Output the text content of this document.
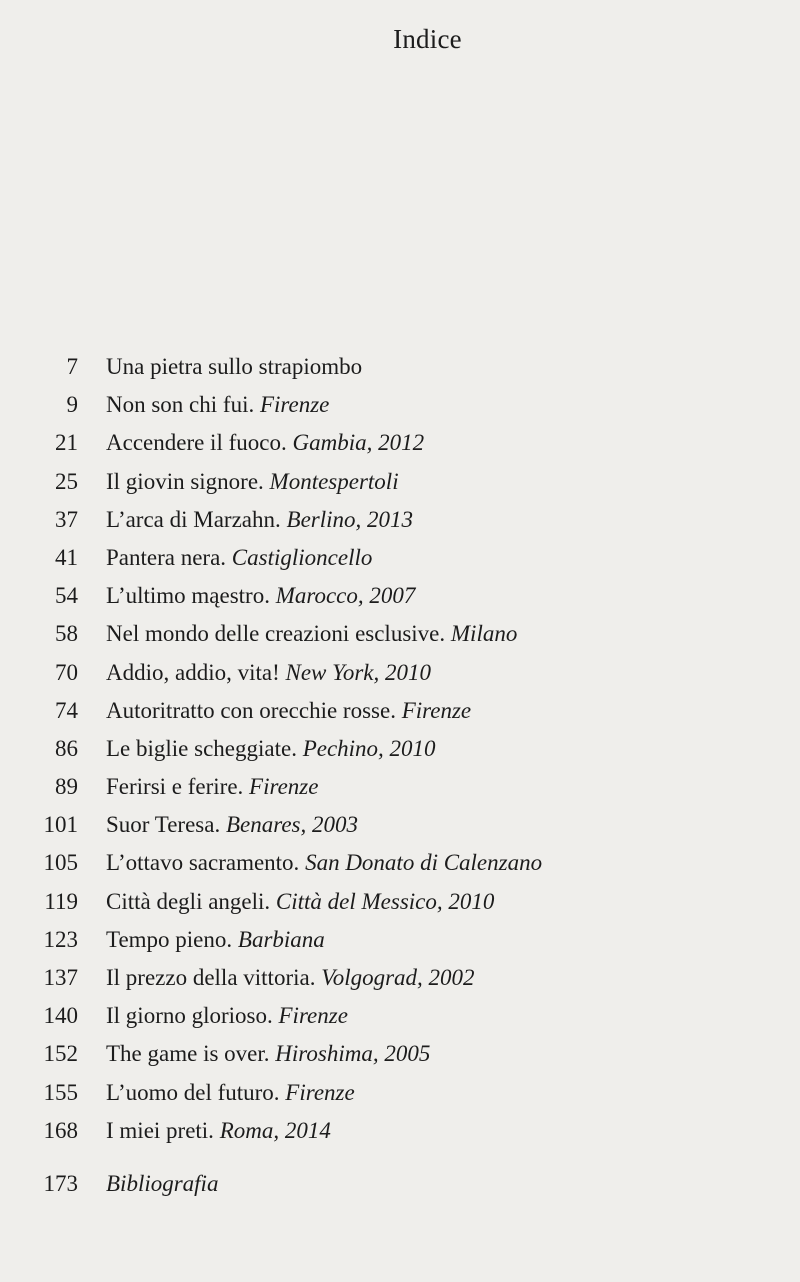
Indice
7 Una pietra sullo strapiombo
9 Non son chi fui. Firenze
21 Accendere il fuoco. Gambia, 2012
25 Il giovin signore. Montespertoli
37 L’arca di Marzahn. Berlino, 2013
41 Pantera nera. Castiglioncello
54 L’ultimo mąestro. Marocco, 2007
58 Nel mondo delle creazioni esclusive. Milano
70 Addio, addio, vita! New York, 2010
74 Autoritratto con orecchie rosse. Firenze
86 Le biglie scheggiate. Pechino, 2010
89 Ferirsi e ferire. Firenze
101 Suor Teresa. Benares, 2003
105 L’ottavo sacramento. San Donato di Calenzano
119 Città degli angeli. Città del Messico, 2010
123 Tempo pieno. Barbiana
137 Il prezzo della vittoria. Volgograd, 2002
140 Il giorno glorioso. Firenze
152 The game is over. Hiroshima, 2005
155 L’uomo del futuro. Firenze
168 I miei preti. Roma, 2014
173 Bibliografia
